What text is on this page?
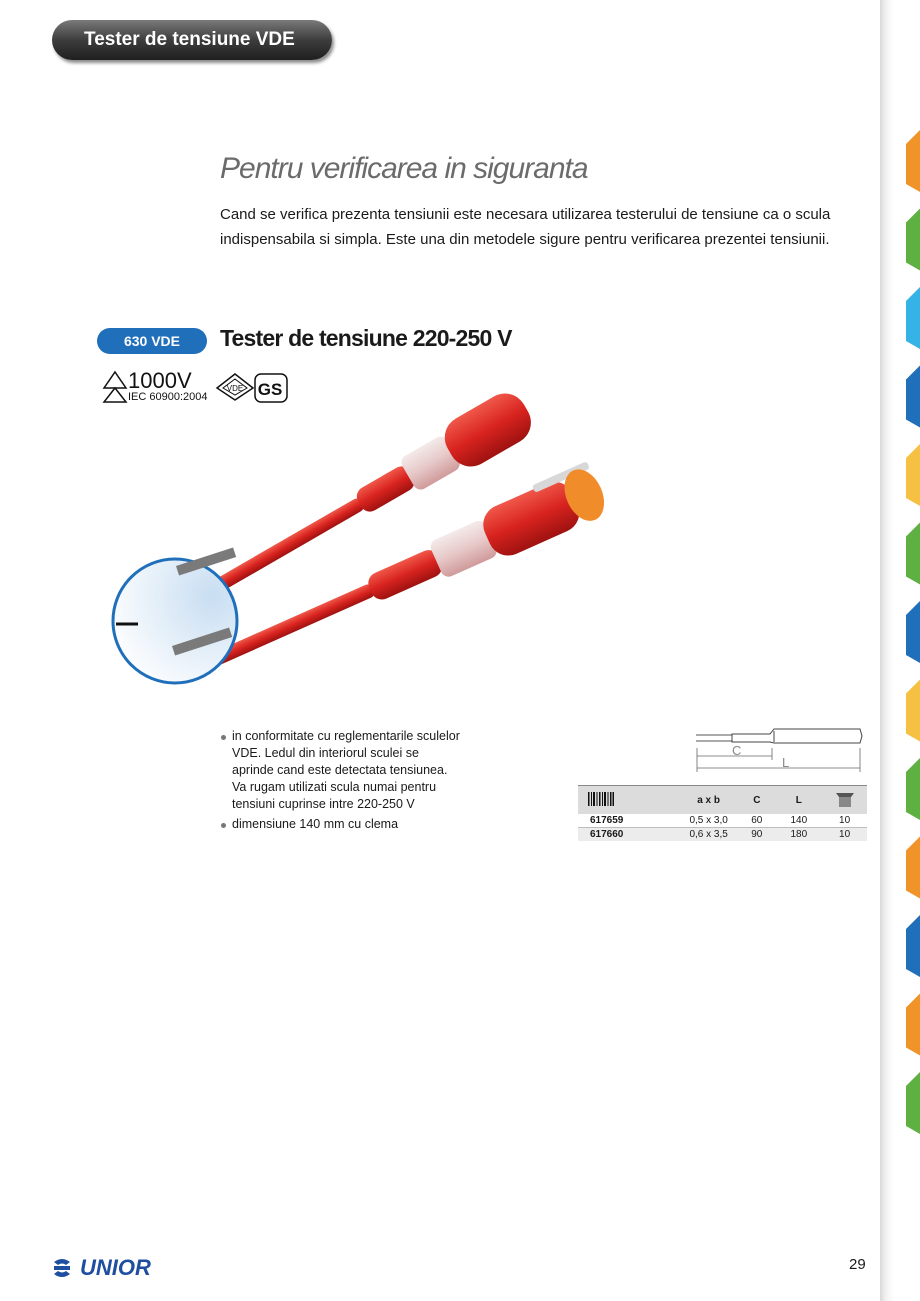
Tester de tensiune VDE
Pentru verificarea in siguranta
Cand se verifica prezenta tensiunii este necesara utilizarea testerului de tensiune ca o scula indispensabila si simpla. Este una din metodele sigure pentru verificarea prezentei tensiunii.
630 VDE Tester de tensiune 220-250 V
1000V
IEC 60900:2004
VDE GS
in conformitate cu reglementarile sculelor VDE. Ledul din interiorul sculei se aprinde cand este detectata tensiunea. Va rugam utilizati scula numai pentru tensiuni cuprinse intre 220-250 V
dimensiune 140 mm cu clema
C
L
	a x b	C	L	
617659	0,5 x 3,0	60	140	10
617660	0,6 x 3,5	90	180	10
UNIOR	29
